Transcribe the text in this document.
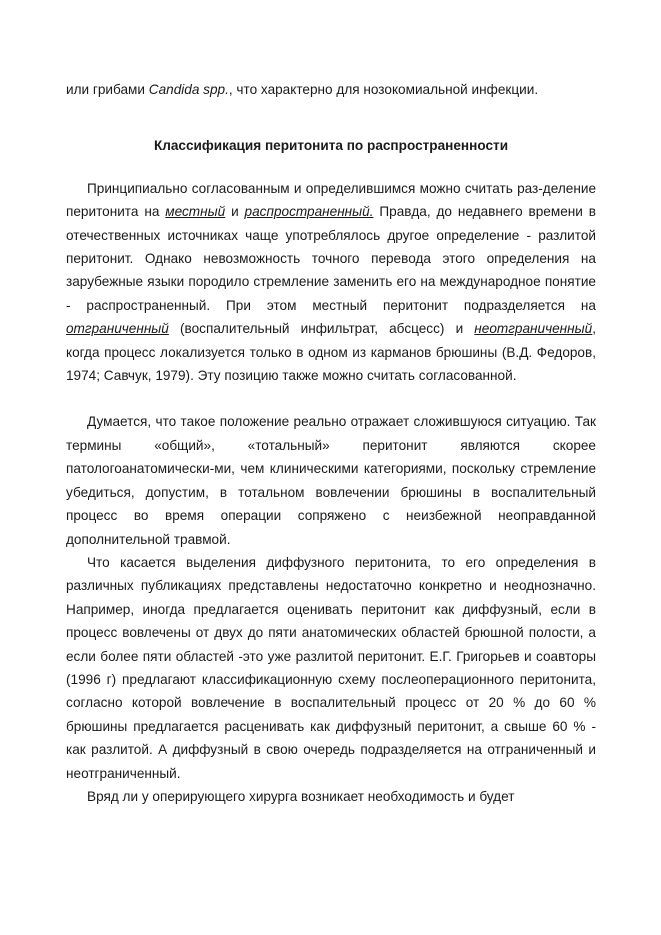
или грибами Candida spp., что характерно для нозокомиальной инфекции.

Классификация перитонита по распространенности

Принципиально согласованным и определившимся можно считать раз-деление перитонита на местный и распространенный. Правда, до недавнего времени в отечественных источниках чаще употреблялось другое определение - разлитой перитонит. Однако невозможность точного перевода этого определения на зарубежные языки породило стремление заменить его на международное понятие - распространенный. При этом местный перитонит подразделяется на отграниченный (воспалительный инфильтрат, абсцесс) и неотграниченный, когда процесс локализуется только в одном из карманов брюшины (В.Д. Федоров, 1974; Савчук, 1979). Эту позицию также можно считать согласованной.

Думается, что такое положение реально отражает сложившуюся ситуацию. Так термины «общий», «тотальный» перитонит являются скорее патологоанатомически-ми, чем клиническими категориями, поскольку стремление убедиться, допустим, в тотальном вовлечении брюшины в воспалительный процесс во время операции сопряжено с неизбежной неоправданной дополнительной травмой.

Что касается выделения диффузного перитонита, то его определения в различных публикациях представлены недостаточно конкретно и неоднозначно. Например, иногда предлагается оценивать перитонит как диффузный, если в процесс вовлечены от двух до пяти анатомических областей брюшной полости, а если более пяти областей -это уже разлитой перитонит. Е.Г. Григорьев и соавторы (1996 г) предлагают классификационную схему послеоперационного перитонита, согласно которой вовлечение в воспалительный процесс от 20 % до 60 % брюшины предлагается расценивать как диффузный перитонит, а свыше 60 % - как разлитой. А диффузный в свою очередь подразделяется на отграниченный и неотграниченный.

Вряд ли у оперирующего хирурга возникает необходимость и будет
